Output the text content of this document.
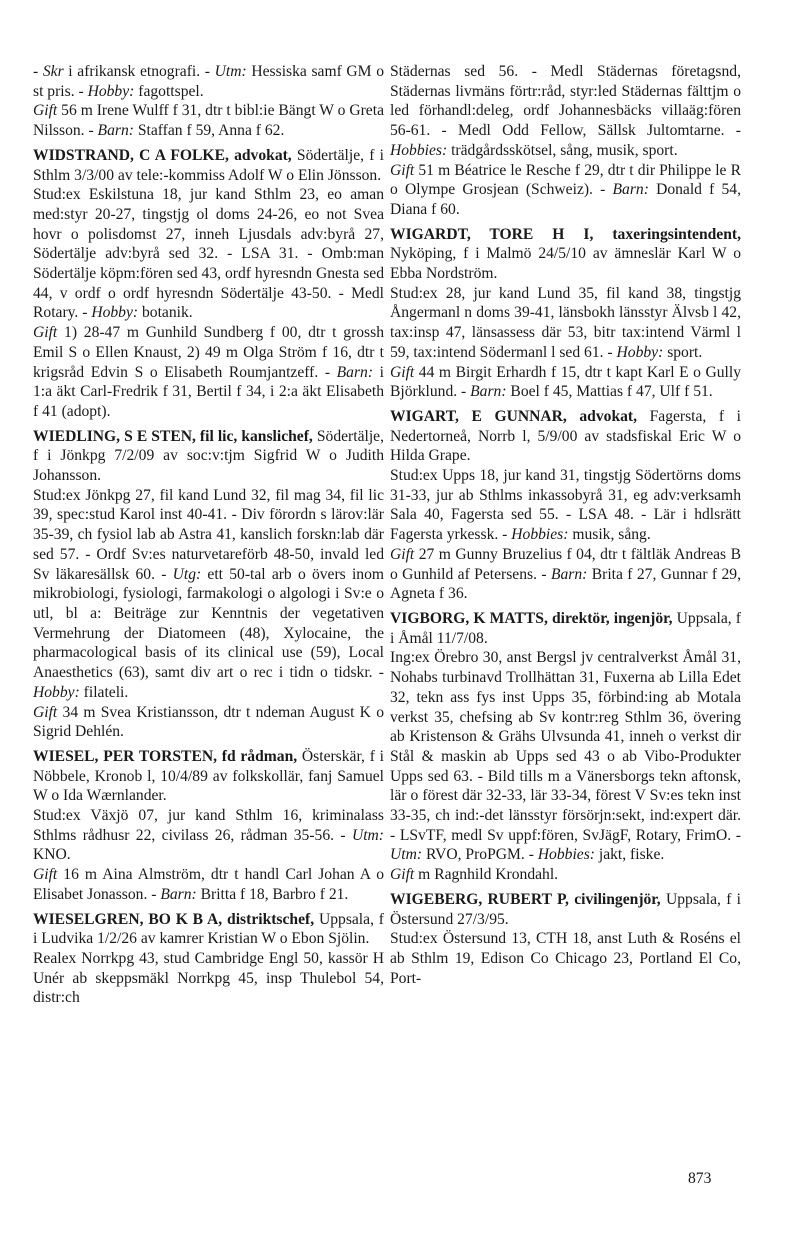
- Skr i afrikansk etnografi. - Utm: Hessiska samf GM o st pris. - Hobby: fagottspel.

Gift 56 m Irene Wulff f 31, dtr t bibl:ie Bängt W o Greta Nilsson. - Barn: Staffan f 59, Anna f 62.

WIDSTRAND, C A FOLKE, advokat, Södertälje, f i Sthlm 3/3/00 av tele:-kommiss Adolf W o Elin Jönsson.

Stud:ex Eskilstuna 18, jur kand Sthlm 23, eo aman med:styr 20-27, tingstjg ol doms 24-26, eo not Svea hovr o polisdomst 27, inneh Ljusdals adv:byrå 27, Södertälje adv:byrå sed 32. - LSA 31. - Omb:man Södertälje köpm:fören sed 43, ordf hyresndn Gnesta sed 44, v ordf o ordf hyresndn Södertälje 43-50. - Medl Rotary. - Hobby: botanik.

Gift 1) 28-47 m Gunhild Sundberg f 00, dtr t grossh Emil S o Ellen Knaust, 2) 49 m Olga Ström f 16, dtr t krigsråd Edvin S o Elisabeth Roumjantzeff. - Barn: i 1:a äkt Carl-Fredrik f 31, Bertil f 34, i 2:a äkt Elisabeth f 41 (adopt).

WIEDLING, S E STEN, fil lic, kanslichef, Södertälje, f i Jönkpg 7/2/09 av soc:v:tjm Sigfrid W o Judith Johansson.

Stud:ex Jönkpg 27, fil kand Lund 32, fil mag 34, fil lic 39, spec:stud Karol inst 40-41. - Div förordn s lärov:lär 35-39, ch fysiol lab ab Astra 41, kanslich forskn:lab där sed 57. - Ordf Sv:es naturvetareförb 48-50, invald led Sv läkaresällsk 60. - Utg: ett 50-tal arb o övers inom mikrobiologi, fysiologi, farmakologi o algologi i Sv:e o utl, bl a: Beiträge zur Kenntnis der vegetativen Vermehrung der Diatomeen (48), Xylocaine, the pharmacological basis of its clinical use (59), Local Anaesthetics (63), samt div art o rec i tidn o tidskr. - Hobby: filateli.

Gift 34 m Svea Kristiansson, dtr t ndeman August K o Sigrid Dehlén.

WIESEL, PER TORSTEN, fd rådman, Österskär, f i Nöbbele, Kronob l, 10/4/89 av folkskollär, fanj Samuel W o Ida Wærnlander.

Stud:ex Växjö 07, jur kand Sthlm 16, kriminalass Sthlms rådhusr 22, civilass 26, rådman 35-56. - Utm: KNO.

Gift 16 m Aina Almström, dtr t handl Carl Johan A o Elisabet Jonasson. - Barn: Britta f 18, Barbro f 21.

WIESELGREN, BO K B A, distriktschef, Uppsala, f i Ludvika 1/2/26 av kamrer Kristian W o Ebon Sjölin.

Realex Norrkpg 43, stud Cambridge Engl 50, kassör H Unér ab skeppsmäkl Norrkpg 45, insp Thulebol 54, distr:ch

Städernas sed 56. - Medl Städernas företagsnd, Städernas livmäns förtr:råd, styr:led Städernas fälttjm o led förhandl:deleg, ordf Johannesbäcks villaäg:fören 56-61. - Medl Odd Fellow, Sällsk Jultomtarne. - Hobbies: trädgårdsskötsel, sång, musik, sport.

Gift 51 m Béatrice le Resche f 29, dtr t dir Philippe le R o Olympe Grosjean (Schweiz). - Barn: Donald f 54, Diana f 60.

WIGARDT, TORE H I, taxeringsintendent, Nyköping, f i Malmö 24/5/10 av ämneslär Karl W o Ebba Nordström.

Stud:ex 28, jur kand Lund 35, fil kand 38, tingstjg Ångermanl n doms 39-41, länsbokh länsstyr Älvsb l 42, tax:insp 47, länsassess där 53, bitr tax:intend Värml l 59, tax:intend Södermanl l sed 61. - Hobby: sport.

Gift 44 m Birgit Erhardh f 15, dtr t kapt Karl E o Gully Björklund. - Barn: Boel f 45, Mattias f 47, Ulf f 51.

WIGART, E GUNNAR, advokat, Fagersta, f i Nedertorneå, Norrb l, 5/9/00 av stadsfiskal Eric W o Hilda Grape.

Stud:ex Upps 18, jur kand 31, tingstjg Södertörns doms 31-33, jur ab Sthlms inkassobyrå 31, eg adv:verksamh Sala 40, Fagersta sed 55. - LSA 48. - Lär i hdlsrätt Fagersta yrkessk. - Hobbies: musik, sång.

Gift 27 m Gunny Bruzelius f 04, dtr t fältläk Andreas B o Gunhild af Petersens. - Barn: Brita f 27, Gunnar f 29, Agneta f 36.

VIGBORG, K MATTS, direktör, ingenjör, Uppsala, f i Åmål 11/7/08.

Ing:ex Örebro 30, anst Bergsl jv centralverkst Åmål 31, Nohabs turbinavd Trollhättan 31, Fuxerna ab Lilla Edet 32, tekn ass fys inst Upps 35, förbind:ing ab Motala verkst 35, chefsing ab Sv kontr:reg Sthlm 36, övering ab Kristenson & Grähs Ulvsunda 41, inneh o verkst dir Stål & maskin ab Upps sed 43 o ab Vibo-Produkter Upps sed 63. - Bild tills m a Vänersborgs tekn aftonsk, lär o förest där 32-33, lär 33-34, förest V Sv:es tekn inst 33-35, ch ind:-det länsstyr försörjn:sekt, ind:expert där. - LSvTF, medl Sv uppf:fören, SvJägF, Rotary, FrimO. - Utm: RVO, ProPGM. - Hobbies: jakt, fiske.

Gift m Ragnhild Krondahl.

WIGEBERG, RUBERT P, civilingenjör, Uppsala, f i Östersund 27/3/95.

Stud:ex Östersund 13, CTH 18, anst Luth & Roséns el ab Sthlm 19, Edison Co Chicago 23, Portland El Co, Port-

873
